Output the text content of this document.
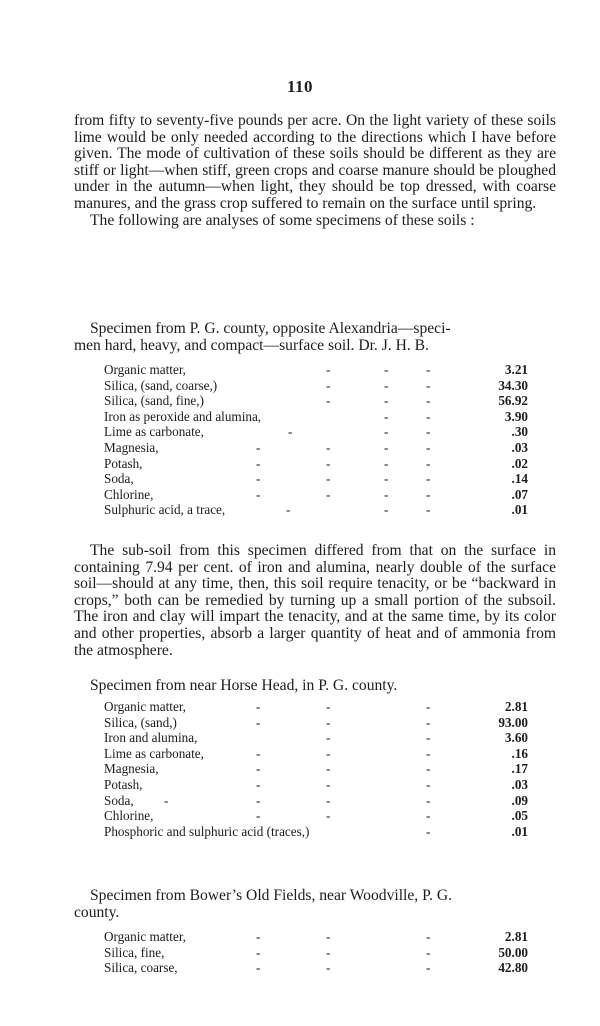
110
from fifty to seventy-five pounds per acre. On the light variety of these soils lime would be only needed according to the directions which I have before given. The mode of cultivation of these soils should be different as they are stiff or light—when stiff, green crops and coarse manure should be ploughed under in the autumn—when light, they should be top dressed, with coarse manures, and the grass crop suffered to remain on the surface until spring.
The following are analyses of some specimens of these soils :
Specimen from P. G. county, opposite Alexandria—speci-
men hard, heavy, and compact—surface soil. Dr. J. H. B.
Organic matter,	-	-	-	3.21
Silica, (sand, coarse,)	-	-	-	34.30
Silica, (sand, fine,)	-	-	-	56.92
Iron as peroxide and alumina,	-	-	3.90
Lime as carbonate,	-	-	-	.30
Magnesia,	-	-	-	-	.03
Potash,	-	-	-	-	.02
Soda,	-	-	-	-	.14
Chlorine,	-	-	-	-	.07
Sulphuric acid, a trace,	-	-	-	.01
The sub-soil from this specimen differed from that on the surface in containing 7.94 per cent. of iron and alumina, nearly double of the surface soil—should at any time, then, this soil require tenacity, or be “backward in crops,” both can be remedied by turning up a small portion of the subsoil. The iron and clay will impart the tenacity, and at the same time, by its color and other properties, absorb a larger quantity of heat and of ammonia from the atmosphere.
Specimen from near Horse Head, in P. G. county.
Organic matter,	-	-	-	2.81
Silica, (sand,)	-	-	-	93.00
Iron and alumina,	-	-	3.60
Lime as carbonate,	-	-	-	.16
Magnesia,	-	-	-	.17
Potash,	-	-	-	.03
Soda, -	-	-	-	.09
Chlorine,	-	-	-	.05
Phosphoric and sulphuric acid (traces,)	-	.01
Specimen from Bower’s Old Fields, near Woodville, P. G.
county.
Organic matter,	-	-	-	2.81
Silica, fine,	-	-	-	50.00
Silica, coarse,	-	-	-	42.80
